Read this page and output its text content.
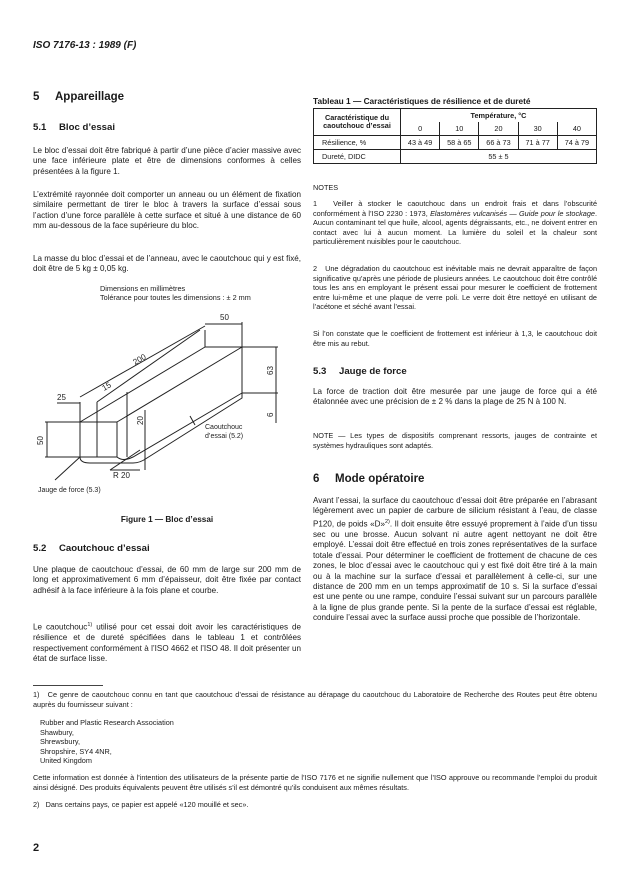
ISO 7176-13 : 1989 (F)
5 Appareillage
5.1 Bloc d’essai
Le bloc d’essai doit être fabriqué à partir d’une pièce d’acier massive avec une face inférieure plate et être de dimensions conformes à celles présentées à la figure 1.
L’extrémité rayonnée doit comporter un anneau ou un élément de fixation similaire permettant de tirer le bloc à travers la surface d’essai sous l’action d’une force parallèle à cette surface et situé à une distance de 60 mm au-dessous de la face supérieure du bloc.
La masse du bloc d’essai et de l’anneau, avec le caoutchouc qui y est fixé, doit être de 5 kg ± 0,05 kg.
Dimensions en millimètres
Tolérance pour toutes les dimensions : ± 2 mm
50
200
15
25
50
20
63
6
R 20
Caoutchouc
d’essai (5.2)
Jauge de force (5.3)
Figure 1 — Bloc d’essai
5.2 Caoutchouc d’essai
Une plaque de caoutchouc d’essai, de 60 mm de large sur 200 mm de long et approximativement 6 mm d’épaisseur, doit être fixée par contact adhésif à la face inférieure à la fois plane et courbe.
Le caoutchouc$^{1)}$ utilisé pour cet essai doit avoir les caractéristiques de résilience et de dureté spécifiées dans le tableau 1 et contrôlées respectivement conformément à l’ISO 4662 et l’ISO 48. Il doit présenter un état de surface lisse.
Tableau 1 — Caractéristiques de résilience et de dureté
Caractéristique du caoutchouc d’essai	Température, °C				
	0	10	20	30	40
Résilience, %	43 à 49	58 à 65	66 à 73	71 à 77	74 à 79
Dureté, DIDC	55 ± 5				
NOTES
1 Veiller à stocker le caoutchouc dans un endroit frais et dans l’obscurité conformément à l’ISO 2230 : 1973, Elastomères vulcanisés — Guide pour le stockage. Aucun contaminant tel que huile, alcool, agents dégraissants, etc., ne doivent entrer en contact avec lui à aucun moment. La lumière du soleil et la chaleur sont particulièrement nuisibles pour le caoutchouc.
2 Une dégradation du caoutchouc est inévitable mais ne devrait apparaître de façon significative qu’après une période de plusieurs années. Le caoutchouc doit être contrôlé tous les ans en employant le présent essai pour mesurer le coefficient de frottement entre lui-même et une plaque de verre poli. Le verre doit être nettoyé en utilisant de l’acétone et séché avant l’essai.
Si l’on constate que le coefficient de frottement est inférieur à 1,3, le caoutchouc doit être mis au rebut.
5.3 Jauge de force
La force de traction doit être mesurée par une jauge de force qui a été étalonnée avec une précision de ± 2 % dans la plage de 25 N à 100 N.
NOTE — Les types de dispositifs comprenant ressorts, jauges de contrainte et systèmes hydrauliques sont adaptés.
6 Mode opératoire
Avant l’essai, la surface du caoutchouc d’essai doit être préparée en l’abrasant légèrement avec un papier de carbure de silicium résistant à l’eau, de classe P120, de poids «D»$^{2)}$. Il doit ensuite être essuyé proprement à l’aide d’un tissu sec ou une brosse. Aucun solvant ni autre agent nettoyant ne doit être employé. L’essai doit être effectué en trois zones représentatives de la surface totale d’essai. Pour déterminer le coefficient de frottement de chacune de ces zones, le bloc d’essai avec le caoutchouc qui y est fixé doit être tiré à la main ou à la machine sur la surface d’essai et parallèlement à celle-ci, sur une distance de 200 mm en un temps approximatif de 10 s. Si la surface d’essai est une pente ou une rampe, conduire l’essai suivant sur un parcours parallèle à la ligne de plus grande pente. Si la pente de la surface d’essai est réglable, conduire l’essai avec la surface aussi proche que possible de l’horizontale.
1) Ce genre de caoutchouc connu en tant que caoutchouc d’essai de résistance au dérapage du caoutchouc du Laboratoire de Recherche des Routes peut être obtenu auprès du fournisseur suivant :
Rubber and Plastic Research Association
Shawbury,
Shrewsbury,
Shropshire, SY4 4NR,
United Kingdom
Cette information est donnée à l’intention des utilisateurs de la présente partie de l’ISO 7176 et ne signifie nullement que l’ISO approuve ou recommande l’emploi du produit ainsi désigné. Des produits équivalents peuvent être utilisés s’il est démontré qu’ils conduisent aux mêmes résultats.
2) Dans certains pays, ce papier est appelé «120 mouillé et sec».
2
